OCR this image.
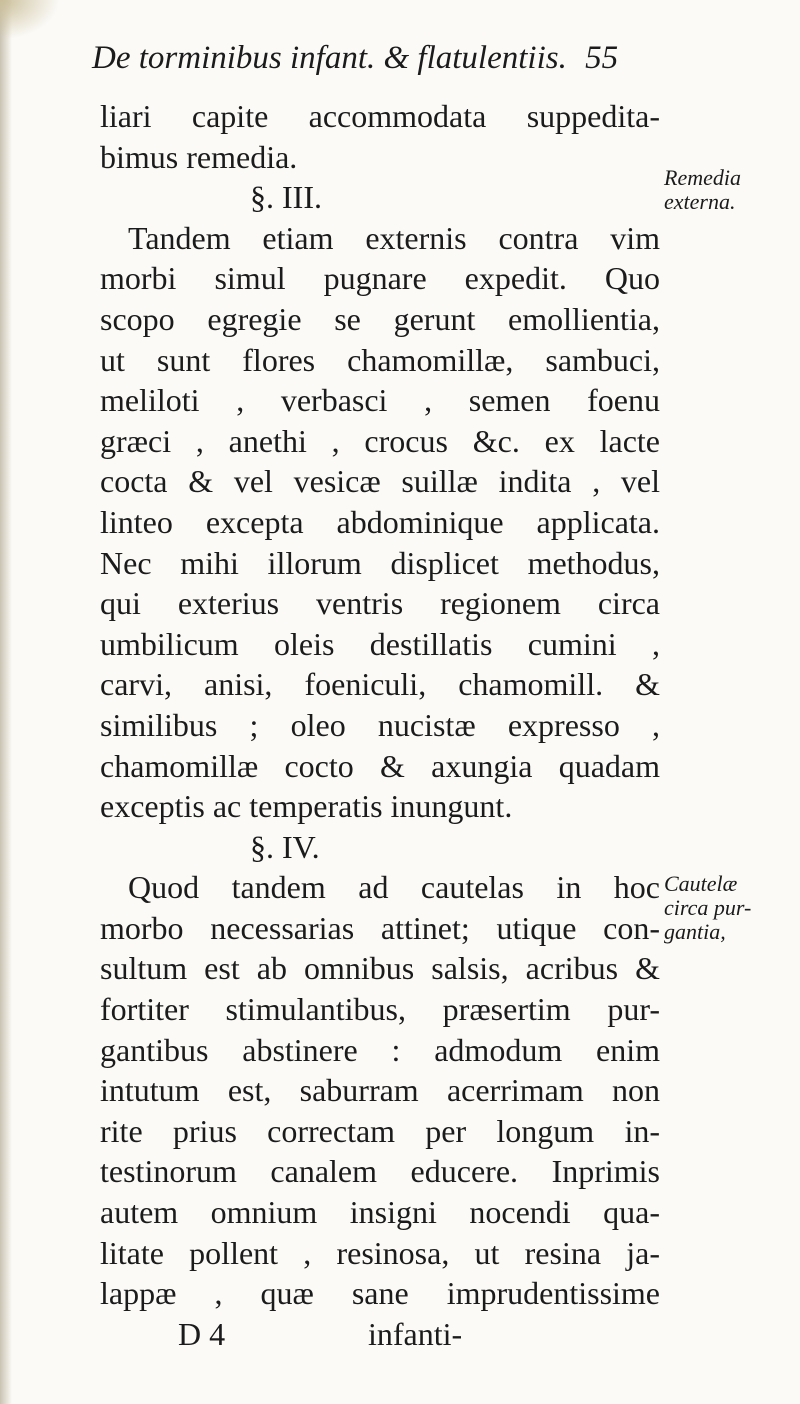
De torminibus infant. & flatulentiis. 55
liari capite accommodata suppedita-
bimus remedia.
§. III.
Tandem etiam externis contra vim
morbi simul pugnare expedit. Quo
scopo egregie se gerunt emollientia,
ut sunt flores chamomillæ, sambuci,
meliloti , verbasci , semen foenu
græci , anethi , crocus &c. ex lacte
cocta & vel vesicæ suillæ indita , vel
linteo excepta abdominique applicata.
Nec mihi illorum displicet methodus,
qui exterius ventris regionem circa
umbilicum oleis destillatis cumini ,
carvi, anisi, foeniculi, chamomill. &
similibus ; oleo nucistæ expresso ,
chamomillæ cocto & axungia quadam
exceptis ac temperatis inungunt.
§. IV.
Quod tandem ad cautelas in hoc
morbo necessarias attinet; utique con-
sultum est ab omnibus salsis, acribus &
fortiter stimulantibus, præsertim pur-
gantibus abstinere : admodum enim
intutum est, saburram acerrimam non
rite prius correctam per longum in-
testinorum canalem educere. Inprimis
autem omnium insigni nocendi qua-
litate pollent , resinosa, ut resina ja-
lappæ , quæ sane imprudentissime
D 4	infanti-
Remedia
externa.
Cautelæ
circa pur-
gantia,
